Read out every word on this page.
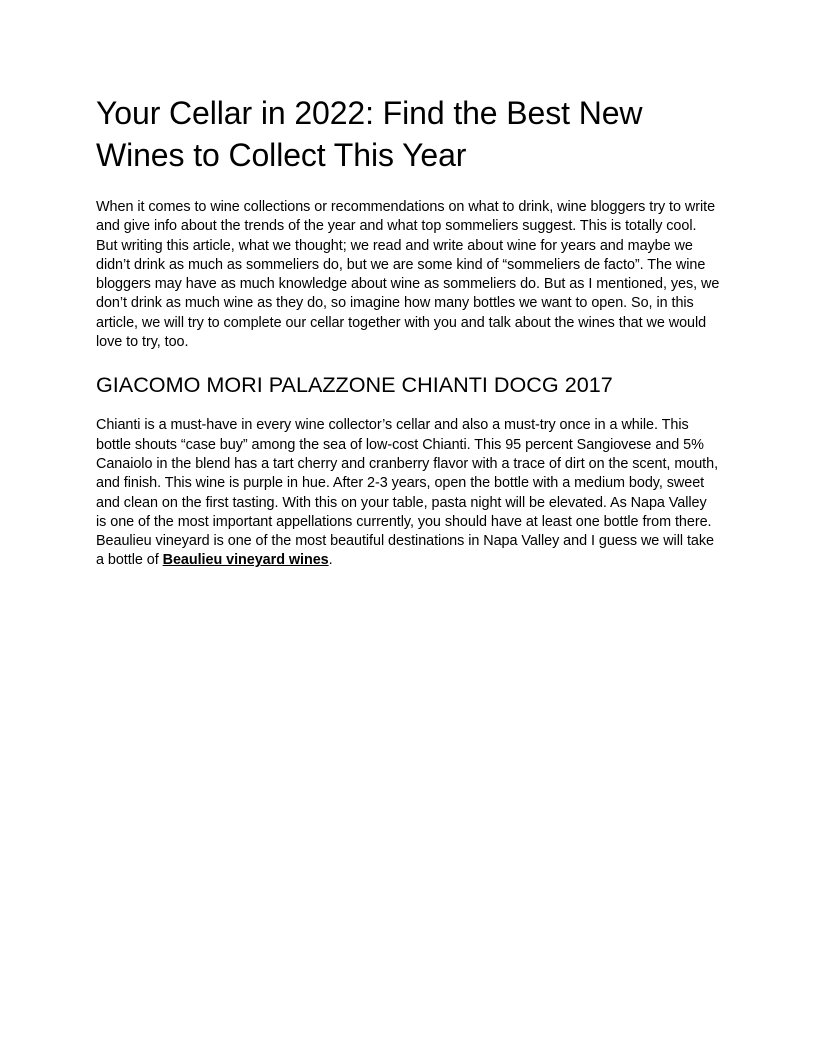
Your Cellar in 2022: Find the Best New Wines to Collect This Year

When it comes to wine collections or recommendations on what to drink, wine bloggers try to write and give info about the trends of the year and what top sommeliers suggest. This is totally cool. But writing this article, what we thought; we read and write about wine for years and maybe we didn’t drink as much as sommeliers do, but we are some kind of “sommeliers de facto”. The wine bloggers may have as much knowledge about wine as sommeliers do. But as I mentioned, yes, we don’t drink as much wine as they do, so imagine how many bottles we want to open. So, in this article, we will try to complete our cellar together with you and talk about the wines that we would love to try, too.

GIACOMO MORI PALAZZONE CHIANTI DOCG 2017

Chianti is a must-have in every wine collector’s cellar and also a must-try once in a while. This bottle shouts “case buy” among the sea of low-cost Chianti. This 95 percent Sangiovese and 5% Canaiolo in the blend has a tart cherry and cranberry flavor with a trace of dirt on the scent, mouth, and finish. This wine is purple in hue. After 2-3 years, open the bottle with a medium body, sweet and clean on the first tasting. With this on your table, pasta night will be elevated. As Napa Valley is one of the most important appellations currently, you should have at least one bottle from there. Beaulieu vineyard is one of the most beautiful destinations in Napa Valley and I guess we will take a bottle of Beaulieu vineyard wines.
